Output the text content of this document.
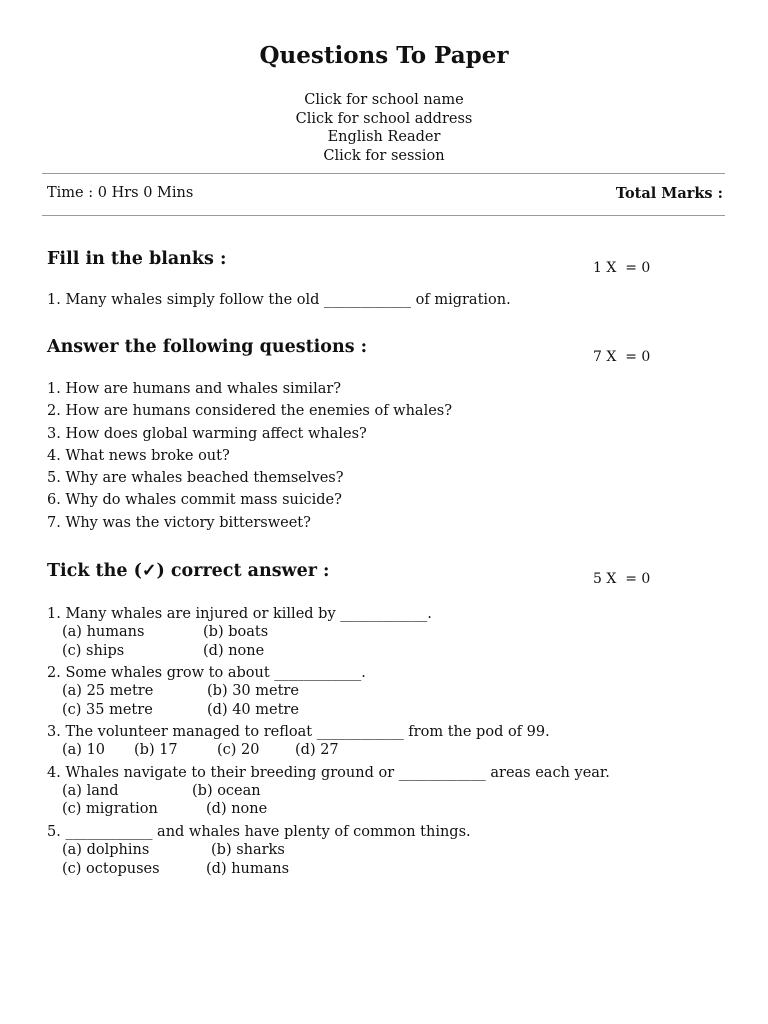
Questions To Paper
Click for school name
Click for school address
English Reader
Click for session
Time : 0 Hrs 0 Mins	Total Marks :
Fill in the blanks :	1 X  = 0
1. Many whales simply follow the old ____________ of migration.
Answer the following questions :	7 X  = 0
1. How are humans and whales similar?
2. How are humans considered the enemies of whales?
3. How does global warming affect whales?
4. What news broke out?
5. Why are whales beached themselves?
6. Why do whales commit mass suicide?
7. Why was the victory bittersweet?
Tick the (✓) correct answer :	5 X  = 0
1. Many whales are injured or killed by ____________.
(a) humans	(b) boats
(c) ships	(d) none
2. Some whales grow to about ____________.
(a) 25 metre	(b) 30 metre
(c) 35 metre	(d) 40 metre
3. The volunteer managed to refloat ____________ from the pod of 99.
(a) 10 (b) 17	(c) 20 (d) 27
4. Whales navigate to their breeding ground or ____________ areas each year.
(a) land	(b) ocean
(c) migration	(d) none
5. ____________ and whales have plenty of common things.
(a) dolphins	(b) sharks
(c) octopuses	(d) humans
